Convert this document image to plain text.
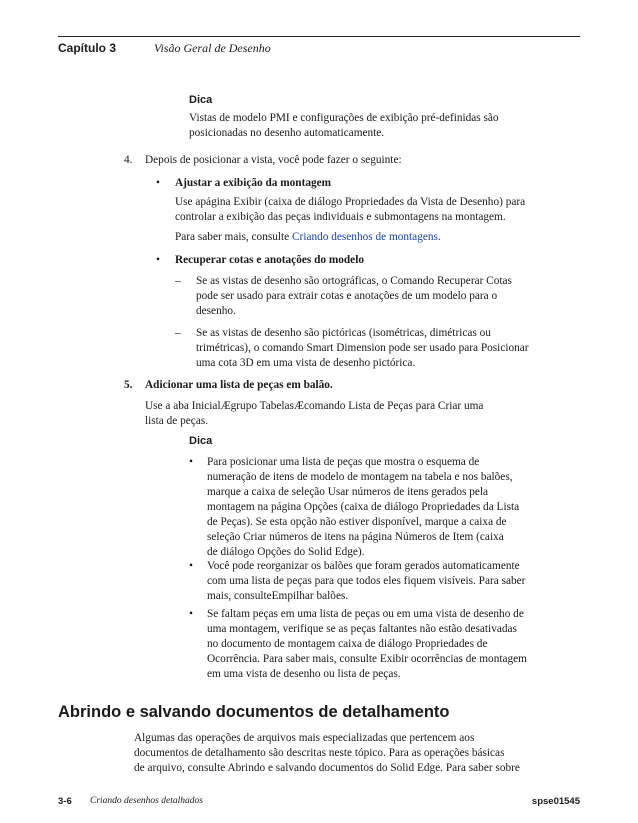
Capítulo 3	Visão Geral de Desenho
Dica
Vistas de modelo PMI e configurações de exibição pré-definidas são
posicionadas no desenho automaticamente.
4. Depois de posicionar a vista, você pode fazer o seguinte:
• Ajustar a exibição da montagem
Use apágina Exibir (caixa de diálogo Propriedades da Vista de Desenho) para
controlar a exibição das peças individuais e submontagens na montagem.
Para saber mais, consulte Criando desenhos de montagens.
• Recuperar cotas e anotações do modelo
– Se as vistas de desenho são ortográficas, o Comando Recuperar Cotas
pode ser usado para extrair cotas e anotações de um modelo para o
desenho.
– Se as vistas de desenho são pictóricas (isométricas, dimétricas ou
trimétricas), o comando Smart Dimension pode ser usado para Posicionar
uma cota 3D em uma vista de desenho pictórica.
5. Adicionar uma lista de peças em balão.
Use a aba InicialÆgrupo TabelasÆcomando Lista de Peças para Criar uma
lista de peças.
Dica
• Para posicionar uma lista de peças que mostra o esquema de
numeração de itens de modelo de montagem na tabela e nos balões,
marque a caixa de seleção Usar números de itens gerados pela
montagem na página Opções (caixa de diálogo Propriedades da Lista
de Peças). Se esta opção não estiver disponível, marque a caixa de
seleção Criar números de itens na página Números de Item (caixa
de diálogo Opções do Solid Edge).
• Você pode reorganizar os balões que foram gerados automaticamente
com uma lista de peças para que todos eles fiquem visíveis. Para saber
mais, consulteEmpilhar balões.
• Se faltam peças em uma lista de peças ou em uma vista de desenho de
uma montagem, verifique se as peças faltantes não estão desativadas
no documento de montagem caixa de diálogo Propriedades de
Ocorrência. Para saber mais, consulte Exibir ocorrências de montagem
em uma vista de desenho ou lista de peças.
Abrindo e salvando documentos de detalhamento
Algumas das operações de arquivos mais especializadas que pertencem aos
documentos de detalhamento são descritas neste tópico. Para as operações básicas
de arquivo, consulte Abrindo e salvando documentos do Solid Edge. Para saber sobre
3-6 Criando desenhos detalhados	spse01545
